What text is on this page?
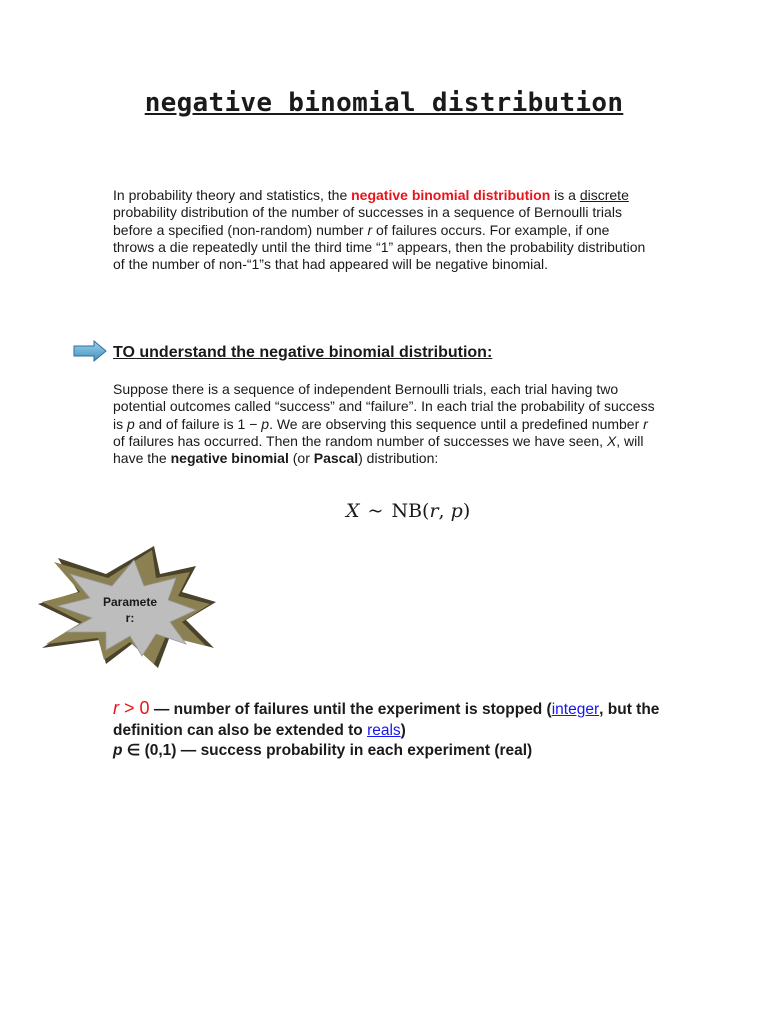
negative binomial distribution

In probability theory and statistics, the negative binomial distribution is a discrete probability distribution of the number of successes in a sequence of Bernoulli trials before a specified (non-random) number r of failures occurs. For example, if one throws a die repeatedly until the third time “1” appears, then the probability distribution of the number of non-“1”s that had appeared will be negative binomial.

TO understand the negative binomial distribution:

Suppose there is a sequence of independent Bernoulli trials, each trial having two potential outcomes called “success” and “failure”. In each trial the probability of success is p and of failure is 1 − p. We are observing this sequence until a predefined number r of failures has occurred. Then the random number of successes we have seen, X, will have the negative binomial (or Pascal) distribution:

X ~ NB(r, p)
Paramete
r:

r > 0 — number of failures until the experiment is stopped (integer, but the definition can also be extended to reals)
p ∈ (0,1) — success probability in each experiment (real)
